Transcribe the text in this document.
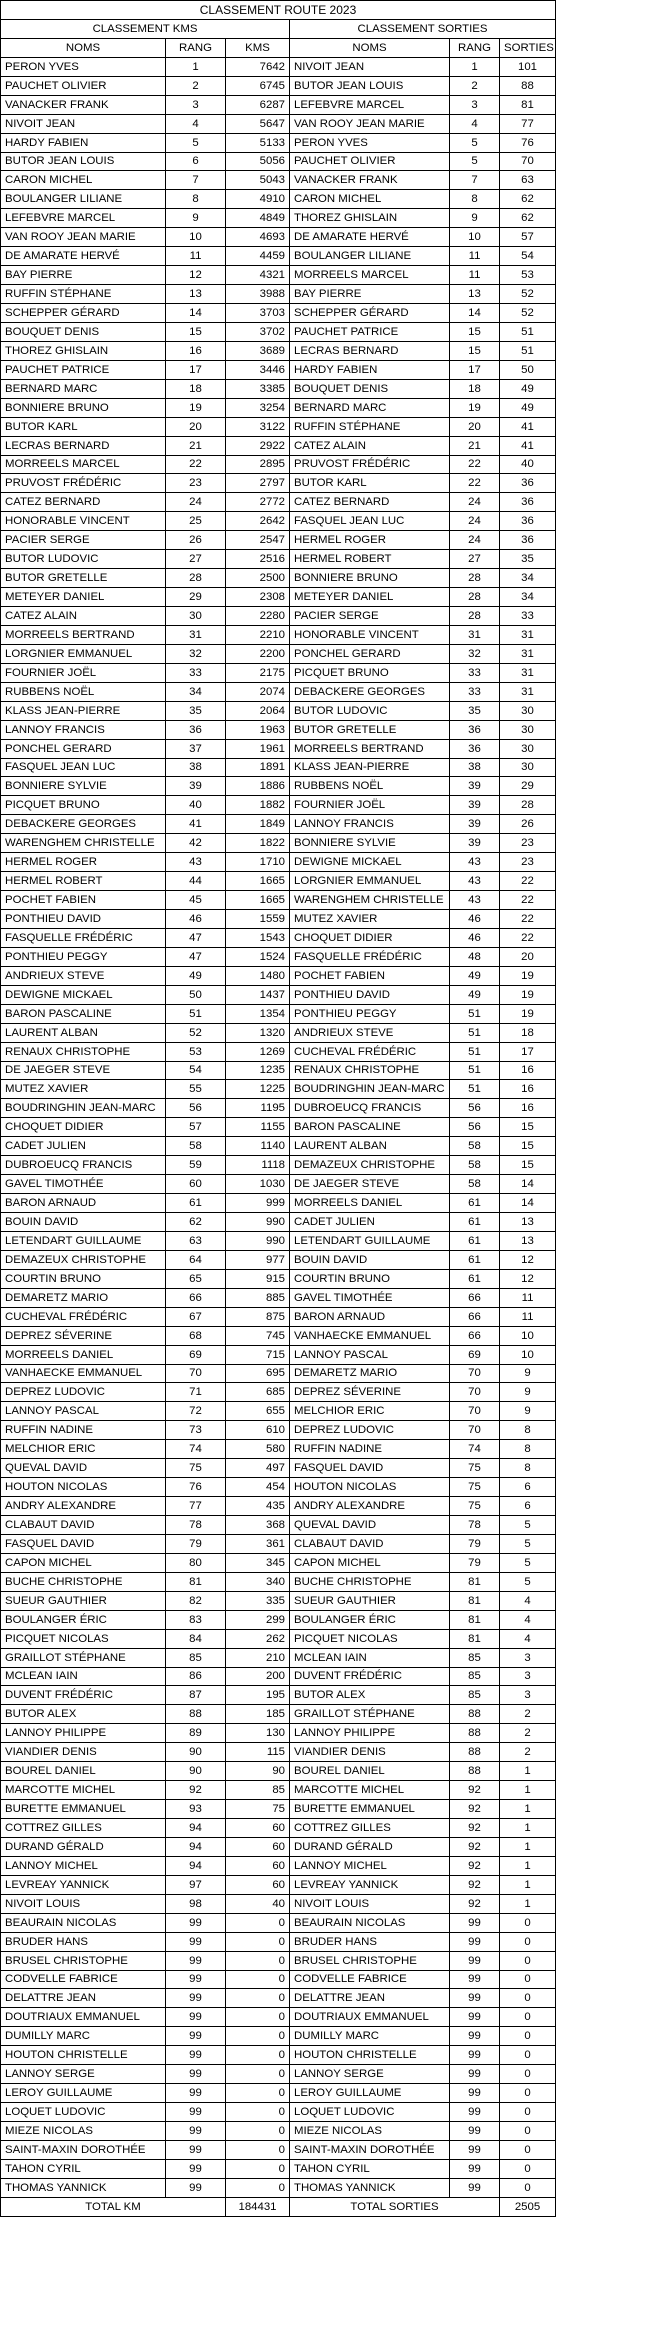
CLASSEMENT ROUTE 2023					
CLASSEMENT KMS			CLASSEMENT SORTIES		
NOMS	RANG	KMS	NOMS	RANG	SORTIES
PERON YVES	1	7642	NIVOIT JEAN	1	101
PAUCHET OLIVIER	2	6745	BUTOR JEAN LOUIS	2	88
VANACKER FRANK	3	6287	LEFEBVRE MARCEL	3	81
NIVOIT JEAN	4	5647	VAN ROOY JEAN MARIE	4	77
HARDY FABIEN	5	5133	PERON YVES	5	76
BUTOR JEAN LOUIS	6	5056	PAUCHET OLIVIER	5	70
CARON MICHEL	7	5043	VANACKER FRANK	7	63
BOULANGER LILIANE	8	4910	CARON MICHEL	8	62
LEFEBVRE MARCEL	9	4849	THOREZ GHISLAIN	9	62
VAN ROOY JEAN MARIE	10	4693	DE AMARATE HERVÉ	10	57
DE AMARATE HERVÉ	11	4459	BOULANGER LILIANE	11	54
BAY PIERRE	12	4321	MORREELS MARCEL	11	53
RUFFIN STÉPHANE	13	3988	BAY PIERRE	13	52
SCHEPPER GÉRARD	14	3703	SCHEPPER GÉRARD	14	52
BOUQUET DENIS	15	3702	PAUCHET PATRICE	15	51
THOREZ GHISLAIN	16	3689	LECRAS BERNARD	15	51
PAUCHET PATRICE	17	3446	HARDY FABIEN	17	50
BERNARD MARC	18	3385	BOUQUET DENIS	18	49
BONNIERE BRUNO	19	3254	BERNARD MARC	19	49
BUTOR KARL	20	3122	RUFFIN STÉPHANE	20	41
LECRAS BERNARD	21	2922	CATEZ ALAIN	21	41
MORREELS MARCEL	22	2895	PRUVOST FRÉDÉRIC	22	40
PRUVOST FRÉDÉRIC	23	2797	BUTOR KARL	22	36
CATEZ BERNARD	24	2772	CATEZ BERNARD	24	36
HONORABLE VINCENT	25	2642	FASQUEL JEAN LUC	24	36
PACIER SERGE	26	2547	HERMEL ROGER	24	36
BUTOR LUDOVIC	27	2516	HERMEL ROBERT	27	35
BUTOR GRETELLE	28	2500	BONNIERE BRUNO	28	34
METEYER DANIEL	29	2308	METEYER DANIEL	28	34
CATEZ ALAIN	30	2280	PACIER SERGE	28	33
MORREELS BERTRAND	31	2210	HONORABLE VINCENT	31	31
LORGNIER EMMANUEL	32	2200	PONCHEL GERARD	32	31
FOURNIER JOËL	33	2175	PICQUET BRUNO	33	31
RUBBENS NOËL	34	2074	DEBACKERE GEORGES	33	31
KLASS JEAN-PIERRE	35	2064	BUTOR LUDOVIC	35	30
LANNOY FRANCIS	36	1963	BUTOR GRETELLE	36	30
PONCHEL GERARD	37	1961	MORREELS BERTRAND	36	30
FASQUEL JEAN LUC	38	1891	KLASS JEAN-PIERRE	38	30
BONNIERE SYLVIE	39	1886	RUBBENS NOËL	39	29
PICQUET BRUNO	40	1882	FOURNIER JOËL	39	28
DEBACKERE GEORGES	41	1849	LANNOY FRANCIS	39	26
WARENGHEM CHRISTELLE	42	1822	BONNIERE SYLVIE	39	23
HERMEL ROGER	43	1710	DEWIGNE MICKAEL	43	23
HERMEL ROBERT	44	1665	LORGNIER EMMANUEL	43	22
POCHET FABIEN	45	1665	WARENGHEM CHRISTELLE	43	22
PONTHIEU DAVID	46	1559	MUTEZ XAVIER	46	22
FASQUELLE FRÉDÉRIC	47	1543	CHOQUET DIDIER	46	22
PONTHIEU PEGGY	47	1524	FASQUELLE FRÉDÉRIC	48	20
ANDRIEUX STEVE	49	1480	POCHET FABIEN	49	19
DEWIGNE MICKAEL	50	1437	PONTHIEU DAVID	49	19
BARON PASCALINE	51	1354	PONTHIEU PEGGY	51	19
LAURENT ALBAN	52	1320	ANDRIEUX STEVE	51	18
RENAUX CHRISTOPHE	53	1269	CUCHEVAL FRÉDÉRIC	51	17
DE JAEGER STEVE	54	1235	RENAUX CHRISTOPHE	51	16
MUTEZ XAVIER	55	1225	BOUDRINGHIN JEAN-MARC	51	16
BOUDRINGHIN JEAN-MARC	56	1195	DUBROEUCQ FRANCIS	56	16
CHOQUET DIDIER	57	1155	BARON PASCALINE	56	15
CADET JULIEN	58	1140	LAURENT ALBAN	58	15
DUBROEUCQ FRANCIS	59	1118	DEMAZEUX CHRISTOPHE	58	15
GAVEL TIMOTHÉE	60	1030	DE JAEGER STEVE	58	14
BARON ARNAUD	61	999	MORREELS DANIEL	61	14
BOUIN DAVID	62	990	CADET JULIEN	61	13
LETENDART GUILLAUME	63	990	LETENDART GUILLAUME	61	13
DEMAZEUX CHRISTOPHE	64	977	BOUIN DAVID	61	12
COURTIN BRUNO	65	915	COURTIN BRUNO	61	12
DEMARETZ MARIO	66	885	GAVEL TIMOTHÉE	66	11
CUCHEVAL FRÉDÉRIC	67	875	BARON ARNAUD	66	11
DEPREZ SÉVERINE	68	745	VANHAECKE EMMANUEL	66	10
MORREELS DANIEL	69	715	LANNOY PASCAL	69	10
VANHAECKE EMMANUEL	70	695	DEMARETZ MARIO	70	9
DEPREZ LUDOVIC	71	685	DEPREZ SÉVERINE	70	9
LANNOY PASCAL	72	655	MELCHIOR ERIC	70	9
RUFFIN NADINE	73	610	DEPREZ LUDOVIC	70	8
MELCHIOR ERIC	74	580	RUFFIN NADINE	74	8
QUEVAL DAVID	75	497	FASQUEL DAVID	75	8
HOUTON NICOLAS	76	454	HOUTON NICOLAS	75	6
ANDRY ALEXANDRE	77	435	ANDRY ALEXANDRE	75	6
CLABAUT DAVID	78	368	QUEVAL DAVID	78	5
FASQUEL DAVID	79	361	CLABAUT DAVID	79	5
CAPON MICHEL	80	345	CAPON MICHEL	79	5
BUCHE CHRISTOPHE	81	340	BUCHE CHRISTOPHE	81	5
SUEUR GAUTHIER	82	335	SUEUR GAUTHIER	81	4
BOULANGER ÉRIC	83	299	BOULANGER ÉRIC	81	4
PICQUET NICOLAS	84	262	PICQUET NICOLAS	81	4
GRAILLOT STÉPHANE	85	210	MCLEAN IAIN	85	3
MCLEAN IAIN	86	200	DUVENT FRÉDÉRIC	85	3
DUVENT FRÉDÉRIC	87	195	BUTOR ALEX	85	3
BUTOR ALEX	88	185	GRAILLOT STÉPHANE	88	2
LANNOY PHILIPPE	89	130	LANNOY PHILIPPE	88	2
VIANDIER DENIS	90	115	VIANDIER DENIS	88	2
BOUREL DANIEL	90	90	BOUREL DANIEL	88	1
MARCOTTE MICHEL	92	85	MARCOTTE MICHEL	92	1
BURETTE EMMANUEL	93	75	BURETTE EMMANUEL	92	1
COTTREZ GILLES	94	60	COTTREZ GILLES	92	1
DURAND GÉRALD	94	60	DURAND GÉRALD	92	1
LANNOY MICHEL	94	60	LANNOY MICHEL	92	1
LEVREAY YANNICK	97	60	LEVREAY YANNICK	92	1
NIVOIT LOUIS	98	40	NIVOIT LOUIS	92	1
BEAURAIN NICOLAS	99	0	BEAURAIN NICOLAS	99	0
BRUDER HANS	99	0	BRUDER HANS	99	0
BRUSEL CHRISTOPHE	99	0	BRUSEL CHRISTOPHE	99	0
CODVELLE FABRICE	99	0	CODVELLE FABRICE	99	0
DELATTRE JEAN	99	0	DELATTRE JEAN	99	0
DOUTRIAUX EMMANUEL	99	0	DOUTRIAUX EMMANUEL	99	0
DUMILLY MARC	99	0	DUMILLY MARC	99	0
HOUTON CHRISTELLE	99	0	HOUTON CHRISTELLE	99	0
LANNOY SERGE	99	0	LANNOY SERGE	99	0
LEROY GUILLAUME	99	0	LEROY GUILLAUME	99	0
LOQUET LUDOVIC	99	0	LOQUET LUDOVIC	99	0
MIEZE NICOLAS	99	0	MIEZE NICOLAS	99	0
SAINT-MAXIN DOROTHÉE	99	0	SAINT-MAXIN DOROTHÉE	99	0
TAHON CYRIL	99	0	TAHON CYRIL	99	0
THOMAS YANNICK	99	0	THOMAS YANNICK	99	0
TOTAL KM		184431	TOTAL SORTIES		2505
